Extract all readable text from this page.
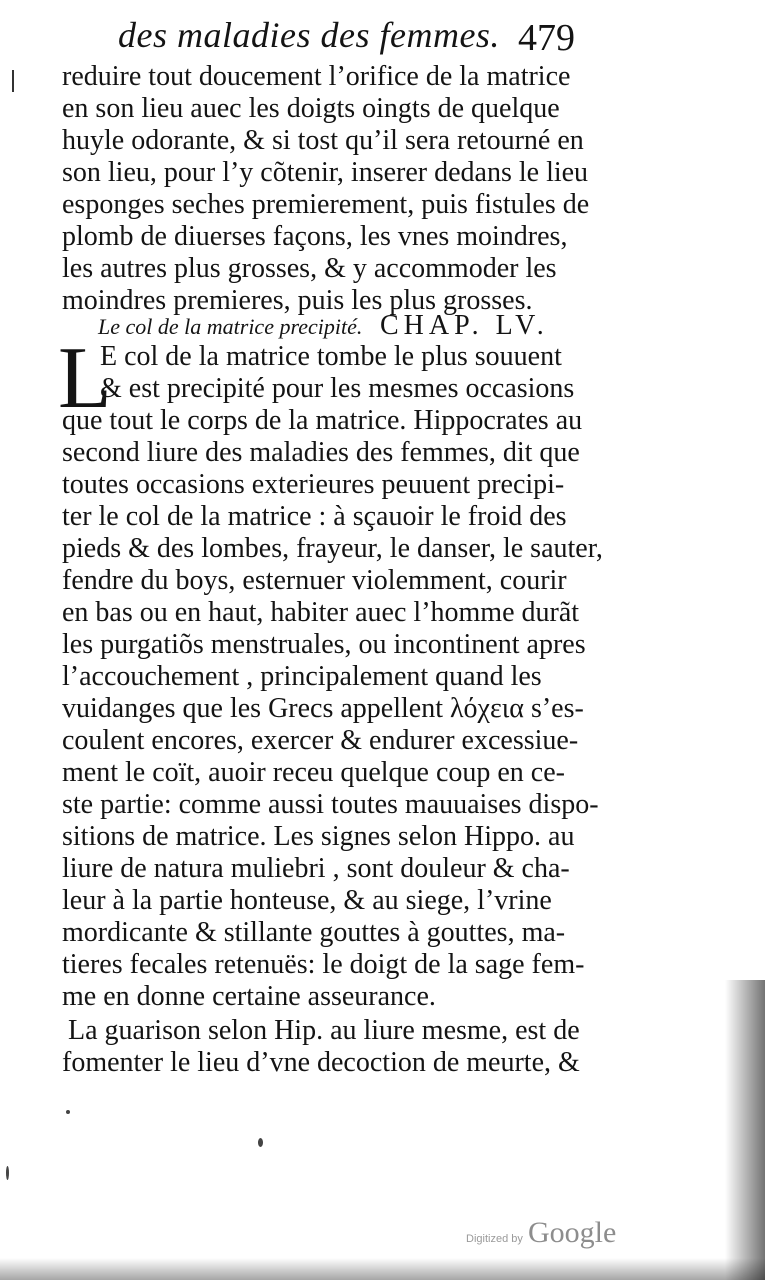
des maladies des femmes. 479
reduire tout doucement l’orifice de la matrice
en son lieu auec les doigts oingts de quelque
huyle odorante, & si tost qu’il sera retourné en
son lieu, pour l’y cõtenir, inserer dedans le lieu
esponges seches premierement, puis fistules de
plomb de diuerses façons, les vnes moindres,
les autres plus grosses, & y accommoder les
moindres premieres, puis les plus grosses.
Le col de la matrice precipité. CHAP. LV.
L
E col de la matrice tombe le plus souuent
& est precipité pour les mesmes occasions
que tout le corps de la matrice. Hippocrates au
second liure des maladies des femmes, dit que
toutes occasions exterieures peuuent precipi-
ter le col de la matrice : à sçauoir le froid des
pieds & des lombes, frayeur, le danser, le sauter,
fendre du boys, esternuer violemment, courir
en bas ou en haut, habiter auec l’homme durãt
les purgatiõs menstruales, ou incontinent apres
l’accouchement , principalement quand les
vuidanges que les Grecs appellent λόχεια s’es-
coulent encores, exercer & endurer excessiue-
ment le coït, auoir receu quelque coup en ce-
ste partie: comme aussi toutes mauuaises dispo-
sitions de matrice. Les signes selon Hippo. au
liure de natura muliebri , sont douleur & cha-
leur à la partie honteuse, & au siege, l’vrine
mordicante & stillante gouttes à gouttes, ma-
tieres fecales retenuës: le doigt de la sage fem-
me en donne certaine asseurance.
La guarison selon Hip. au liure mesme, est de
fomenter le lieu d’vne decoction de meurte, &
Digitized by Google
